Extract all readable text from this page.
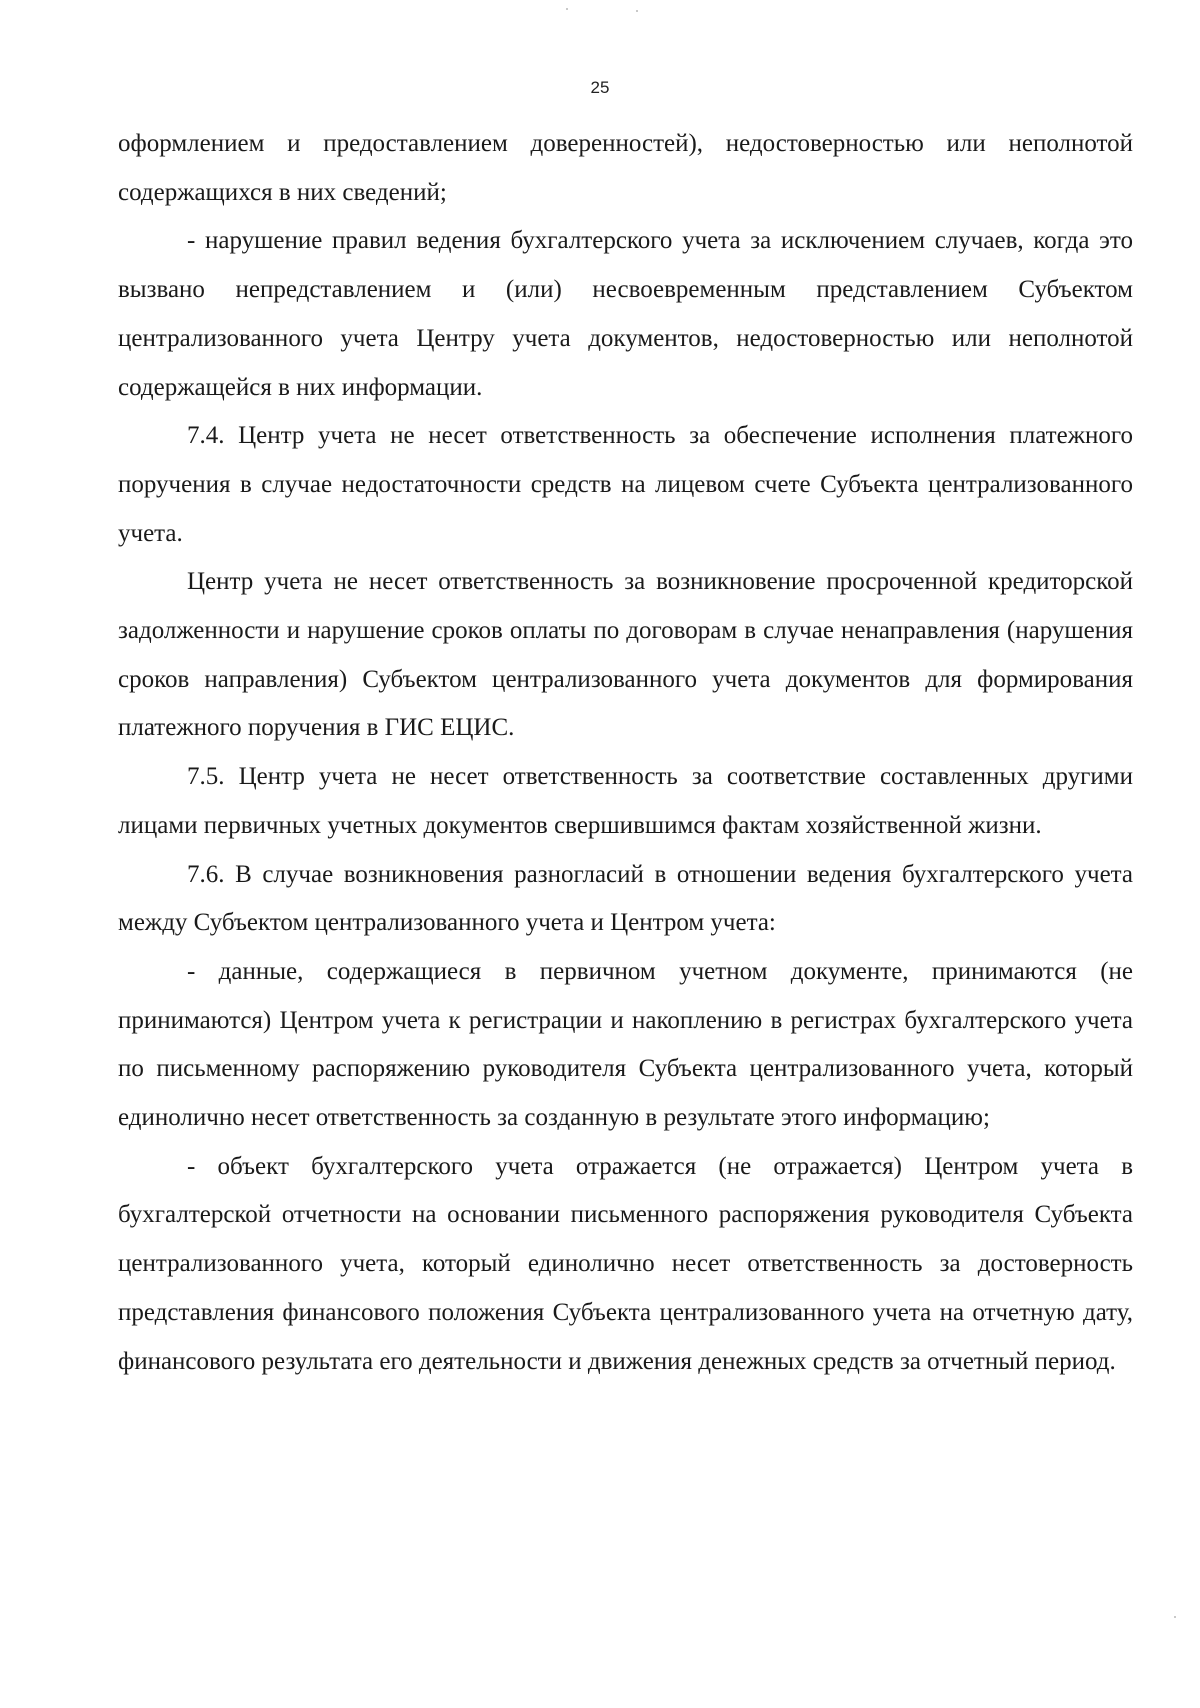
25

оформлением и предоставлением доверенностей), недостоверностью или неполнотой содержащихся в них сведений;

- нарушение правил ведения бухгалтерского учета за исключением случаев, когда это вызвано непредставлением и (или) несвоевременным представлением Субъектом централизованного учета Центру учета документов, недостоверностью или неполнотой содержащейся в них информации.

7.4. Центр учета не несет ответственность за обеспечение исполнения платежного поручения в случае недостаточности средств на лицевом счете Субъекта централизованного учета.

Центр учета не несет ответственность за возникновение просроченной кредиторской задолженности и нарушение сроков оплаты по договорам в случае ненаправления (нарушения сроков направления) Субъектом централизованного учета документов для формирования платежного поручения в ГИС ЕЦИС.

7.5. Центр учета не несет ответственность за соответствие составленных другими лицами первичных учетных документов свершившимся фактам хозяйственной жизни.

7.6. В случае возникновения разногласий в отношении ведения бухгалтерского учета между Субъектом централизованного учета и Центром учета:

- данные, содержащиеся в первичном учетном документе, принимаются (не принимаются) Центром учета к регистрации и накоплению в регистрах бухгалтерского учета по письменному распоряжению руководителя Субъекта централизованного учета, который единолично несет ответственность за созданную в результате этого информацию;

- объект бухгалтерского учета отражается (не отражается) Центром учета в бухгалтерской отчетности на основании письменного распоряжения руководителя Субъекта централизованного учета, который единолично несет ответственность за достоверность представления финансового положения Субъекта централизованного учета на отчетную дату, финансового результата его деятельности и движения денежных средств за отчетный период.
